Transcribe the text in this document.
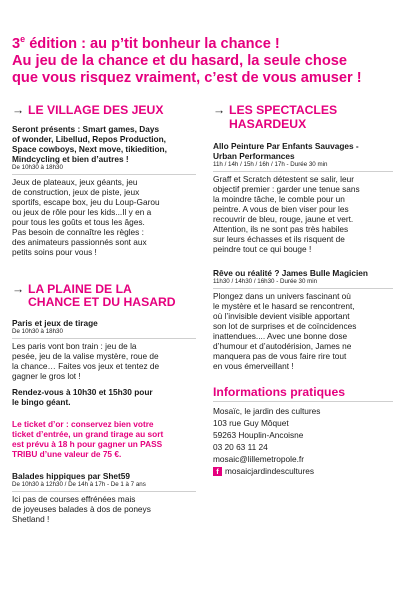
3e édition : au p’tit bonheur la chance !
Au jeu de la chance et du hasard, la seule chose
que vous risquez vraiment, c’est de vous amuser !
→ LE VILLAGE DES JEUX
Seront présents : Smart games, Days
of wonder, Libellud, Repos Production,
Space cowboys, Next move, tikiedition,
Mindcycling et bien d’autres !
De 10h30 à 18h30
Jeux de plateaux, jeux géants, jeu
de construction, jeux de piste, jeux
sportifs, escape box, jeu du Loup-Garou
ou jeux de rôle pour les kids...Il y en a
pour tous les goûts et tous les âges.
Pas besoin de connaître les règles :
des animateurs passionnés sont aux
petits soins pour vous !
→ LA PLAINE DE LA
CHANCE ET DU HASARD
Paris et jeux de tirage
De 10h30 à 18h30
Les paris vont bon train : jeu de la
pesée, jeu de la valise mystère, roue de
la chance… Faites vos jeux et tentez de
gagner le gros lot !
Rendez-vous à 10h30 et 15h30 pour
le bingo géant.
Le ticket d’or : conservez bien votre
ticket d’entrée, un grand tirage au sort
est prévu à 18 h pour gagner un PASS
TRIBU d’une valeur de 75 €.
Balades hippiques par Shet59
De 10h30 à 12h30 / De 14h à 17h - De 1 à 7 ans
Ici pas de courses effrénées mais
de joyeuses balades à dos de poneys
Shetland !
→ LES SPECTACLES
HASARDEUX
Allo Peinture Par Enfants Sauvages -
Urban Performances
11h / 14h / 15h / 16h / 17h - Durée 30 min
Graff et Scratch détestent se salir, leur
objectif premier : garder une tenue sans
la moindre tâche, le comble pour un
peintre. A vous de bien viser pour les
recouvrir de bleu, rouge, jaune et vert.
Attention, ils ne sont pas très habiles
sur leurs échasses et ils risquent de
peindre tout ce qui bouge !
Rêve ou réalité ? James Bulle Magicien
11h30 / 14h30 / 16h30 - Durée 30 min
Plongez dans un univers fascinant où
le mystère et le hasard se rencontrent,
où l’invisible devient visible apportant
son lot de surprises et de coïncidences
inattendues.... Avec une bonne dose
d’humour et d’autodérision, James ne
manquera pas de vous faire rire tout
en vous émerveillant !
Informations pratiques
Mosaïc, le jardin des cultures
103 rue Guy Môquet
59263 Houplin-Ancoisne
03 20 63 11 24
mosaic@lillemetropole.fr
f mosaicjardindescultures
